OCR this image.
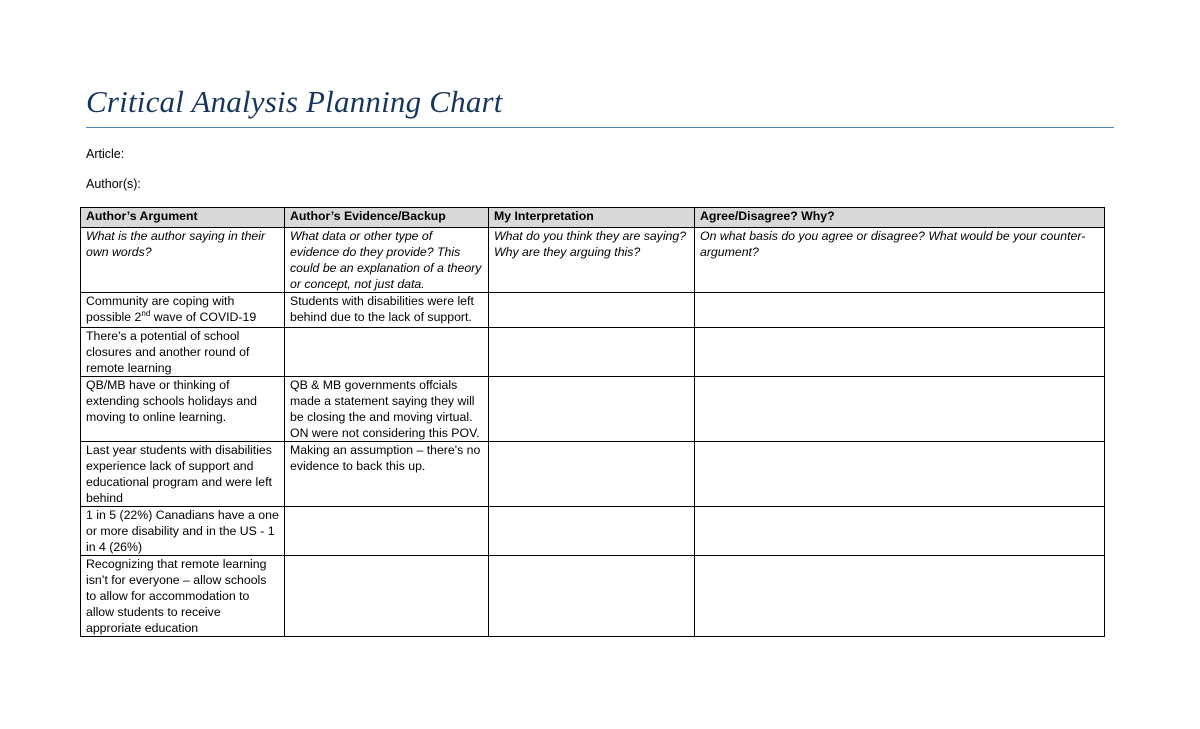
Critical Analysis Planning Chart
Article:
Author(s):
Author’s Argument	Author’s Evidence/Backup	My Interpretation	Agree/Disagree? Why?
What is the author saying in their own words?	What data or other type of evidence do they provide? This could be an explanation of a theory or concept, not just data.	What do you think they are saying? Why are they arguing this?	On what basis do you agree or disagree? What would be your counter-argument?
Community are coping with possible 2nd wave of COVID-19	Students with disabilities were left behind due to the lack of support.		
There's a potential of school closures and another round of remote learning			
QB/MB have or thinking of extending schools holidays and moving to online learning.	QB & MB governments offcials made a statement saying they will be closing the and moving virtual. ON were not considering this POV.		
Last year students with disabilities experience lack of support and educational program and were left behind	Making an assumption – there's no evidence to back this up.		
1 in 5 (22%) Canadians have a one or more disability and in the US - 1 in 4 (26%)			
Recognizing that remote learning isn’t for everyone – allow schools to allow for accommodation to allow students to receive approriate education			
